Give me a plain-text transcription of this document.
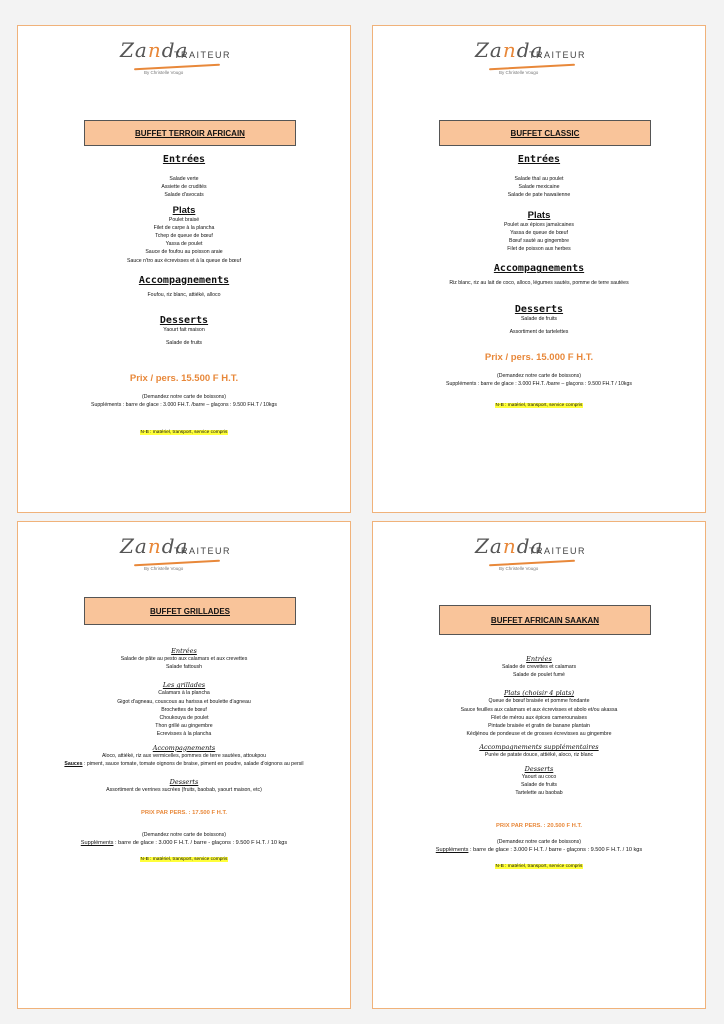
Zanda
TRAITEUR
By Christelle Vougo
BUFFET TERROIR AFRICAIN
Entrées
Salade verte
Assiette de crudités
Salade d'avocats
Plats
Poulet braisé
Filet de carpe à la plancha
Tchep de queue de bœuf
Yassa de poulet
Sauce de foufou au poisson araie
Sauce n'tro aux écrevisses et à la queue de bœuf
Accompagnements
Foufou, riz blanc, attiéké, alloco
Desserts
Yaourt fait maison
Salade de fruits
Prix / pers. 15.500 F H.T.
(Demandez notre carte de boissons)
Suppléments : barre de glace : 3.000 FH.T. /barre – glaçons : 9.500 FH.T / 10kgs
N-B : matériel, transport, service compris
Zanda
TRAITEUR
By Christelle Vougo
BUFFET CLASSIC
Entrées
Salade thaï au poulet
Salade mexicaine
Salade de pate hawaiienne
Plats
Poulet aux épices jamaïcaines
Yassa de queue de bœuf
Bœuf sauté au gingembre
Filet de poisson aux herbes
Accompagnements
Riz blanc, riz au lait de coco, alloco, légumes sautés, pomme de terre sautées
Desserts
Salade de fruits
Assortiment de tartelettes
Prix / pers. 15.000 F H.T.
(Demandez notre carte de boissons)
Suppléments : barre de glace : 3.000 FH.T. /barre – glaçons : 9.500 FH.T / 10kgs
N-B : matériel, transport, service compris
Zanda
TRAITEUR
By Christelle Vougo
BUFFET GRILLADES
Entrées
Salade de pâte au pesto aux calamars et aux crevettes
Salade fattoush
Les grillades
Calamars à la plancha
Gigot d'agneau, couscous au harissa et boulette d'agneau
Brochettes de bœuf
Choukouya de poulet
Thon grillé au gingembre
Ecrevisses à la plancha
Accompagnements
Aloco, attiéké, riz aux vermicelles, pommes de terre sautées, attoukpou
Sauces : piment, sauce tomate, tomate oignons de braise, piment en poudre, salade d'oignons au persil
Desserts
Assortiment de verrines sucrées (fruits, baobab, yaourt maison, etc)
PRIX PAR PERS. : 17.500 F H.T.
(Demandez notre carte de boissons)
Suppléments : barre de glace : 3.000 F H.T. / barre - glaçons : 9.500 F H.T. / 10 kgs
N-B : matériel, transport, service compris
Zanda
TRAITEUR
By Christelle Vougo
BUFFET AFRICAIN SAAKAN
Entrées
Salade de crevettes et calamars
Salade de poulet fumé
Plats (choisir 4 plats)
Queue de bœuf braisée et pomme fondante
Sauce feuilles aux calamars et aux écrevisses et abolo et/ou akassa
Filet de mérou aux épices camerounaises
Pintade braisée et gratin de banane plantain
Kédjénou de pondeuse et de grosses écrevisses au gingembre
Accompagnements supplémentaires
Purée de patate douce, attiéké, aloco, riz blanc
Desserts
Yaourt au coco
Salade de fruits
Tartelette au baobab
PRIX PAR PERS. : 20.500 F H.T.
(Demandez notre carte de boissons)
Suppléments : barre de glace : 3.000 F H.T. / barre - glaçons : 9.500 F H.T. / 10 kgs
N-B : matériel, transport, service compris
